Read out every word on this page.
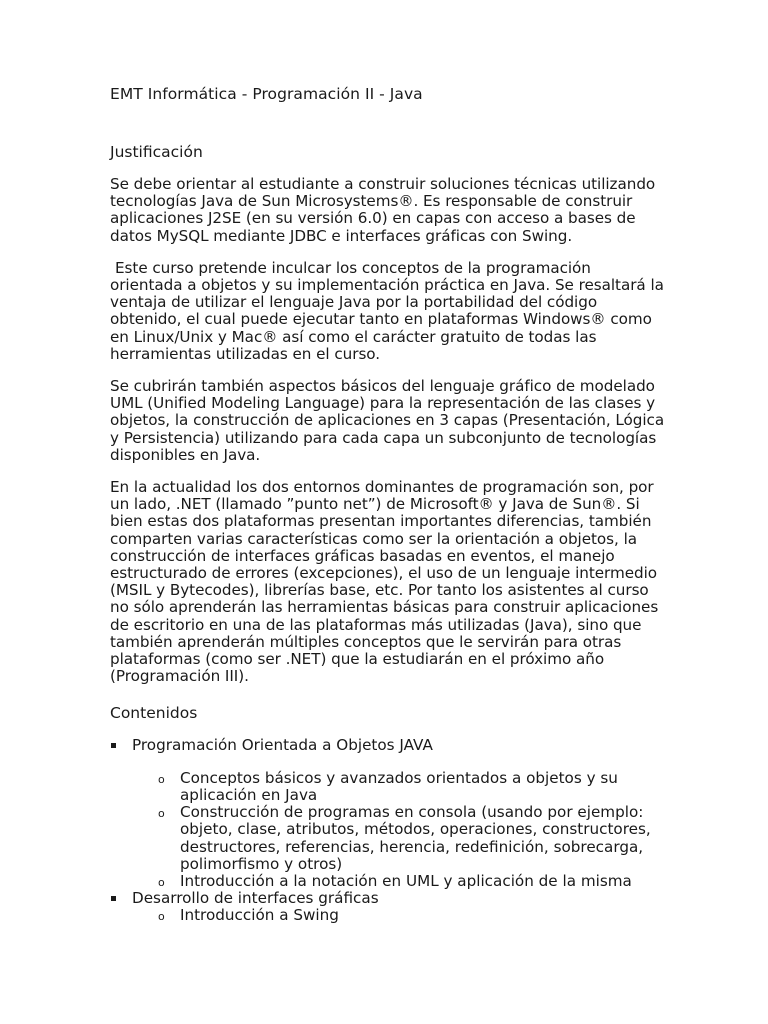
EMT Informática - Programación II - Java
Justificación

Se debe orientar al estudiante a construir soluciones técnicas utilizando tecnologías Java de Sun Microsystems®. Es responsable de construir aplicaciones J2SE (en su versión 6.0) en capas con acceso a bases de datos MySQL mediante JDBC e interfaces gráficas con Swing.

Este curso pretende inculcar los conceptos de la programación orientada a objetos y su implementación práctica en Java. Se resaltará la ventaja de utilizar el lenguaje Java por la portabilidad del código obtenido, el cual puede ejecutar tanto en plataformas Windows® como en Linux/Unix y Mac® así como el carácter gratuito de todas las herramientas utilizadas en el curso.

Se cubrirán también aspectos básicos del lenguaje gráfico de modelado UML (Unified Modeling Language) para la representación de las clases y objetos, la construcción de aplicaciones en 3 capas (Presentación, Lógica y Persistencia) utilizando para cada capa un subconjunto de tecnologías disponibles en Java.

En la actualidad los dos entornos dominantes de programación son, por un lado, .NET (llamado ”punto net”) de Microsoft® y Java de Sun®. Si bien estas dos plataformas presentan importantes diferencias, también comparten varias características como ser la orientación a objetos, la construcción de interfaces gráficas basadas en eventos, el manejo estructurado de errores (excepciones), el uso de un lenguaje intermedio (MSIL y Bytecodes), librerías base, etc. Por tanto los asistentes al curso no sólo aprenderán las herramientas básicas para construir aplicaciones de escritorio en una de las plataformas más utilizadas (Java), sino que también aprenderán múltiples conceptos que le servirán para otras plataformas (como ser .NET) que la estudiarán en el próximo año (Programación III).

Contenidos
Programación Orientada a Objetos JAVA
o Conceptos básicos y avanzados orientados a objetos y su aplicación en Java
o Construcción de programas en consola (usando por ejemplo: objeto, clase, atributos, métodos, operaciones, constructores, destructores, referencias, herencia, redefinición, sobrecarga, polimorfismo y otros)
o Introducción a la notación en UML y aplicación de la misma
Desarrollo de interfaces gráficas
o Introducción a Swing
